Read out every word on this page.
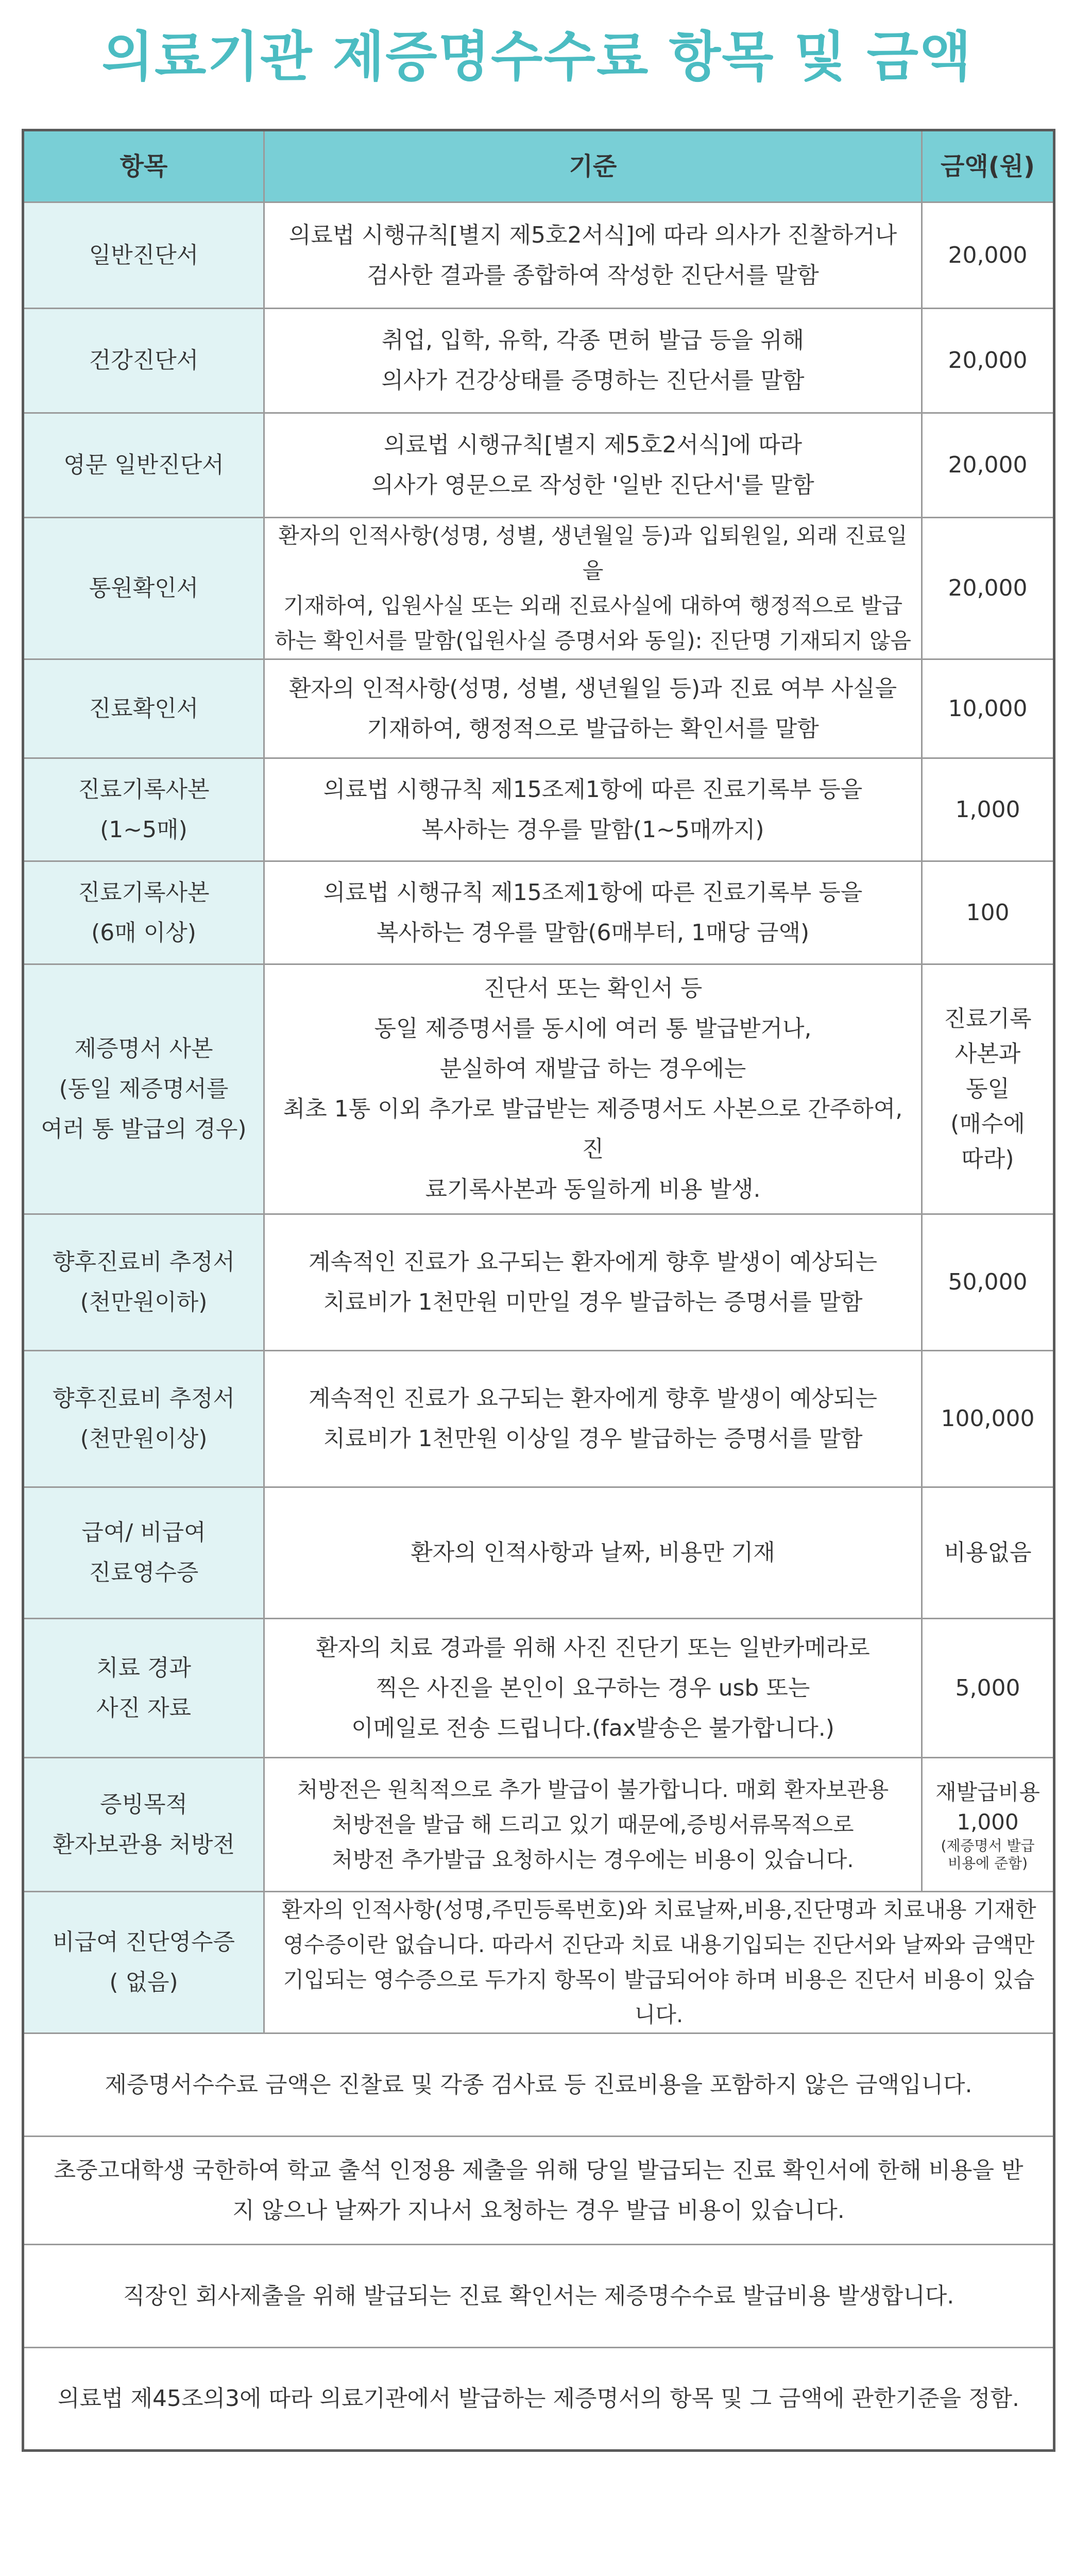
의료기관 제증명수수료 항목 및 금액
항목	기준	금액(원)
일반진단서	의료법 시행규칙[별지 제5호2서식]에 따라 의사가 진찰하거나
검사한 결과를 종합하여 작성한 진단서를 말함	20,000
건강진단서	취업, 입학, 유학, 각종 면허 발급 등을 위해
의사가 건강상태를 증명하는 진단서를 말함	20,000
영문 일반진단서	의료법 시행규칙[별지 제5호2서식]에 따라
의사가 영문으로 작성한 '일반 진단서'를 말함	20,000
통원확인서	환자의 인적사항(성명, 성별, 생년월일 등)과 입퇴원일, 외래 진료일을
기재하여, 입원사실 또는 외래 진료사실에 대하여 행정적으로 발급
하는 확인서를 말함(입원사실 증명서와 동일): 진단명 기재되지 않음	20,000
진료확인서	환자의 인적사항(성명, 성별, 생년월일 등)과 진료 여부 사실을
기재하여, 행정적으로 발급하는 확인서를 말함	10,000
진료기록사본
(1~5매)	의료법 시행규칙 제15조제1항에 따른 진료기록부 등을
복사하는 경우를 말함(1~5매까지)	1,000
진료기록사본
(6매 이상)	의료법 시행규칙 제15조제1항에 따른 진료기록부 등을
복사하는 경우를 말함(6매부터, 1매당 금액)	100
제증명서 사본
(동일 제증명서를
여러 통 발급의 경우)	진단서 또는 확인서 등
동일 제증명서를 동시에 여러 통 발급받거나,
분실하여 재발급 하는 경우에는
최초 1통 이외 추가로 발급받는 제증명서도 사본으로 간주하여, 진
료기록사본과 동일하게 비용 발생.	진료기록
사본과
동일
(매수에
따라)
향후진료비 추정서
(천만원이하)	계속적인 진료가 요구되는 환자에게 향후 발생이 예상되는
치료비가 1천만원 미만일 경우 발급하는 증명서를 말함	50,000
향후진료비 추정서
(천만원이상)	계속적인 진료가 요구되는 환자에게 향후 발생이 예상되는
치료비가 1천만원 이상일 경우 발급하는 증명서를 말함	100,000
급여/ 비급여
진료영수증	환자의 인적사항과 날짜, 비용만 기재	비용없음
치료 경과
사진 자료	환자의 치료 경과를 위해 사진 진단기 또는 일반카메라로
찍은 사진을 본인이 요구하는 경우 usb 또는
이메일로 전송 드립니다.(fax발송은 불가합니다.)	5,000
증빙목적
환자보관용 처방전	처방전은 원칙적으로 추가 발급이 불가합니다. 매회 환자보관용
처방전을 발급 해 드리고 있기 때문에,증빙서류목적으로
처방전 추가발급 요청하시는 경우에는 비용이 있습니다.	재발급비용
1,000
(제증명서 발급
비용에 준함)

비급여 진단영수증
( 없음)	환자의 인적사항(성명,주민등록번호)와 치료날짜,비용,진단명과 치료내용 기재한
영수증이란 없습니다. 따라서 진단과 치료 내용기입되는 진단서와 날짜와 금액만
기입되는 영수증으로 두가지 항목이 발급되어야 하며 비용은 진단서 비용이 있습니다.	
제증명서수수료 금액은 진찰료 및 각종 검사료 등 진료비용을 포함하지 않은 금액입니다.		
초중고대학생 국한하여 학교 출석 인정용 제출을 위해 당일 발급되는 진료 확인서에 한해 비용을 받
지 않으나 날짜가 지나서 요청하는 경우 발급 비용이 있습니다.		
직장인 회사제출을 위해 발급되는 진료 확인서는 제증명수수료 발급비용 발생합니다.		
의료법 제45조의3에 따라 의료기관에서 발급하는 제증명서의 항목 및 그 금액에 관한기준을 정함.		
